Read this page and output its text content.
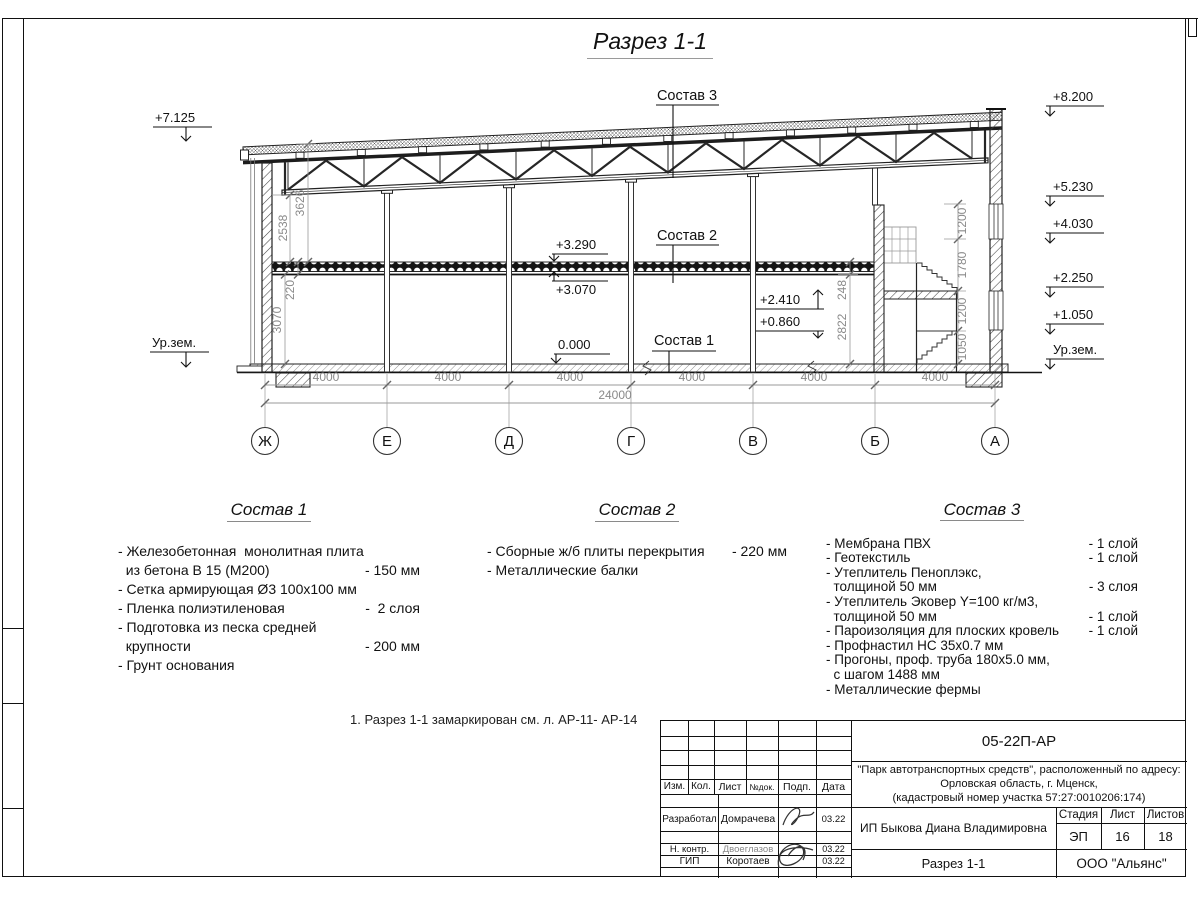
Разрез 1-1
Ж	Е	Д	Г	В	Б	А
+7.125
Ур.зем.
+8.200
+5.230
+4.030
+2.250
+1.050
Ур.зем.
+3.290
+3.070
0.000
+2.410
+0.860
Состав 3
Состав 2
Состав 1
4000	4000	4000	4000	4000	4000
24000
2538
3626
220
3070
1200
1780
1200
1050
248
2822
Состав 1
- Железобетонная  монолитная плита
из бетона В 15 (М200)	- 150 мм
- Сетка армирующая Ø3 100х100 мм
- Пленка полиэтиленовая	-  2 слоя
- Подготовка из песка средней
крупности	- 200 мм
- Грунт основания
Состав 2
- Сборные ж/б плиты перекрытия - 220 мм
- Металлические балки
Состав 3
- Мембрана ПВХ	- 1 слой
- Геотекстиль	- 1 слой
- Утеплитель Пеноплэкс,
толщиной 50 мм	- 3 слоя
- Утеплитель Эковер Y=100 кг/м3,
толщиной 50 мм	- 1 слой
- Пароизоляция для плоских кровель - 1 слой
- Профнастил НС 35х0.7 мм
- Прогоны, проф. труба 180х5.0 мм,
с шагом 1488 мм
- Металлические фермы
1. Разрез 1-1 замаркирован см. л. АР-11- АР-14
Изм. Кол. Лист №док. Подп.	Дата
Разработал Домрачева	03.22
Н. контр.	Двоеглазов	03.22
ГИП	Коротаев	03.22
05-22П-АР
"Парк автотранспортных средств", расположенный по адресу:
Орловская область, г. Мценск,
(кадастровый номер участка 57:27:0010206:174)
ИП Быкова Диана Владимировна
Разрез 1-1
Стадия	Лист	Листов
ЭП	16	18
ООО "Альянс"
